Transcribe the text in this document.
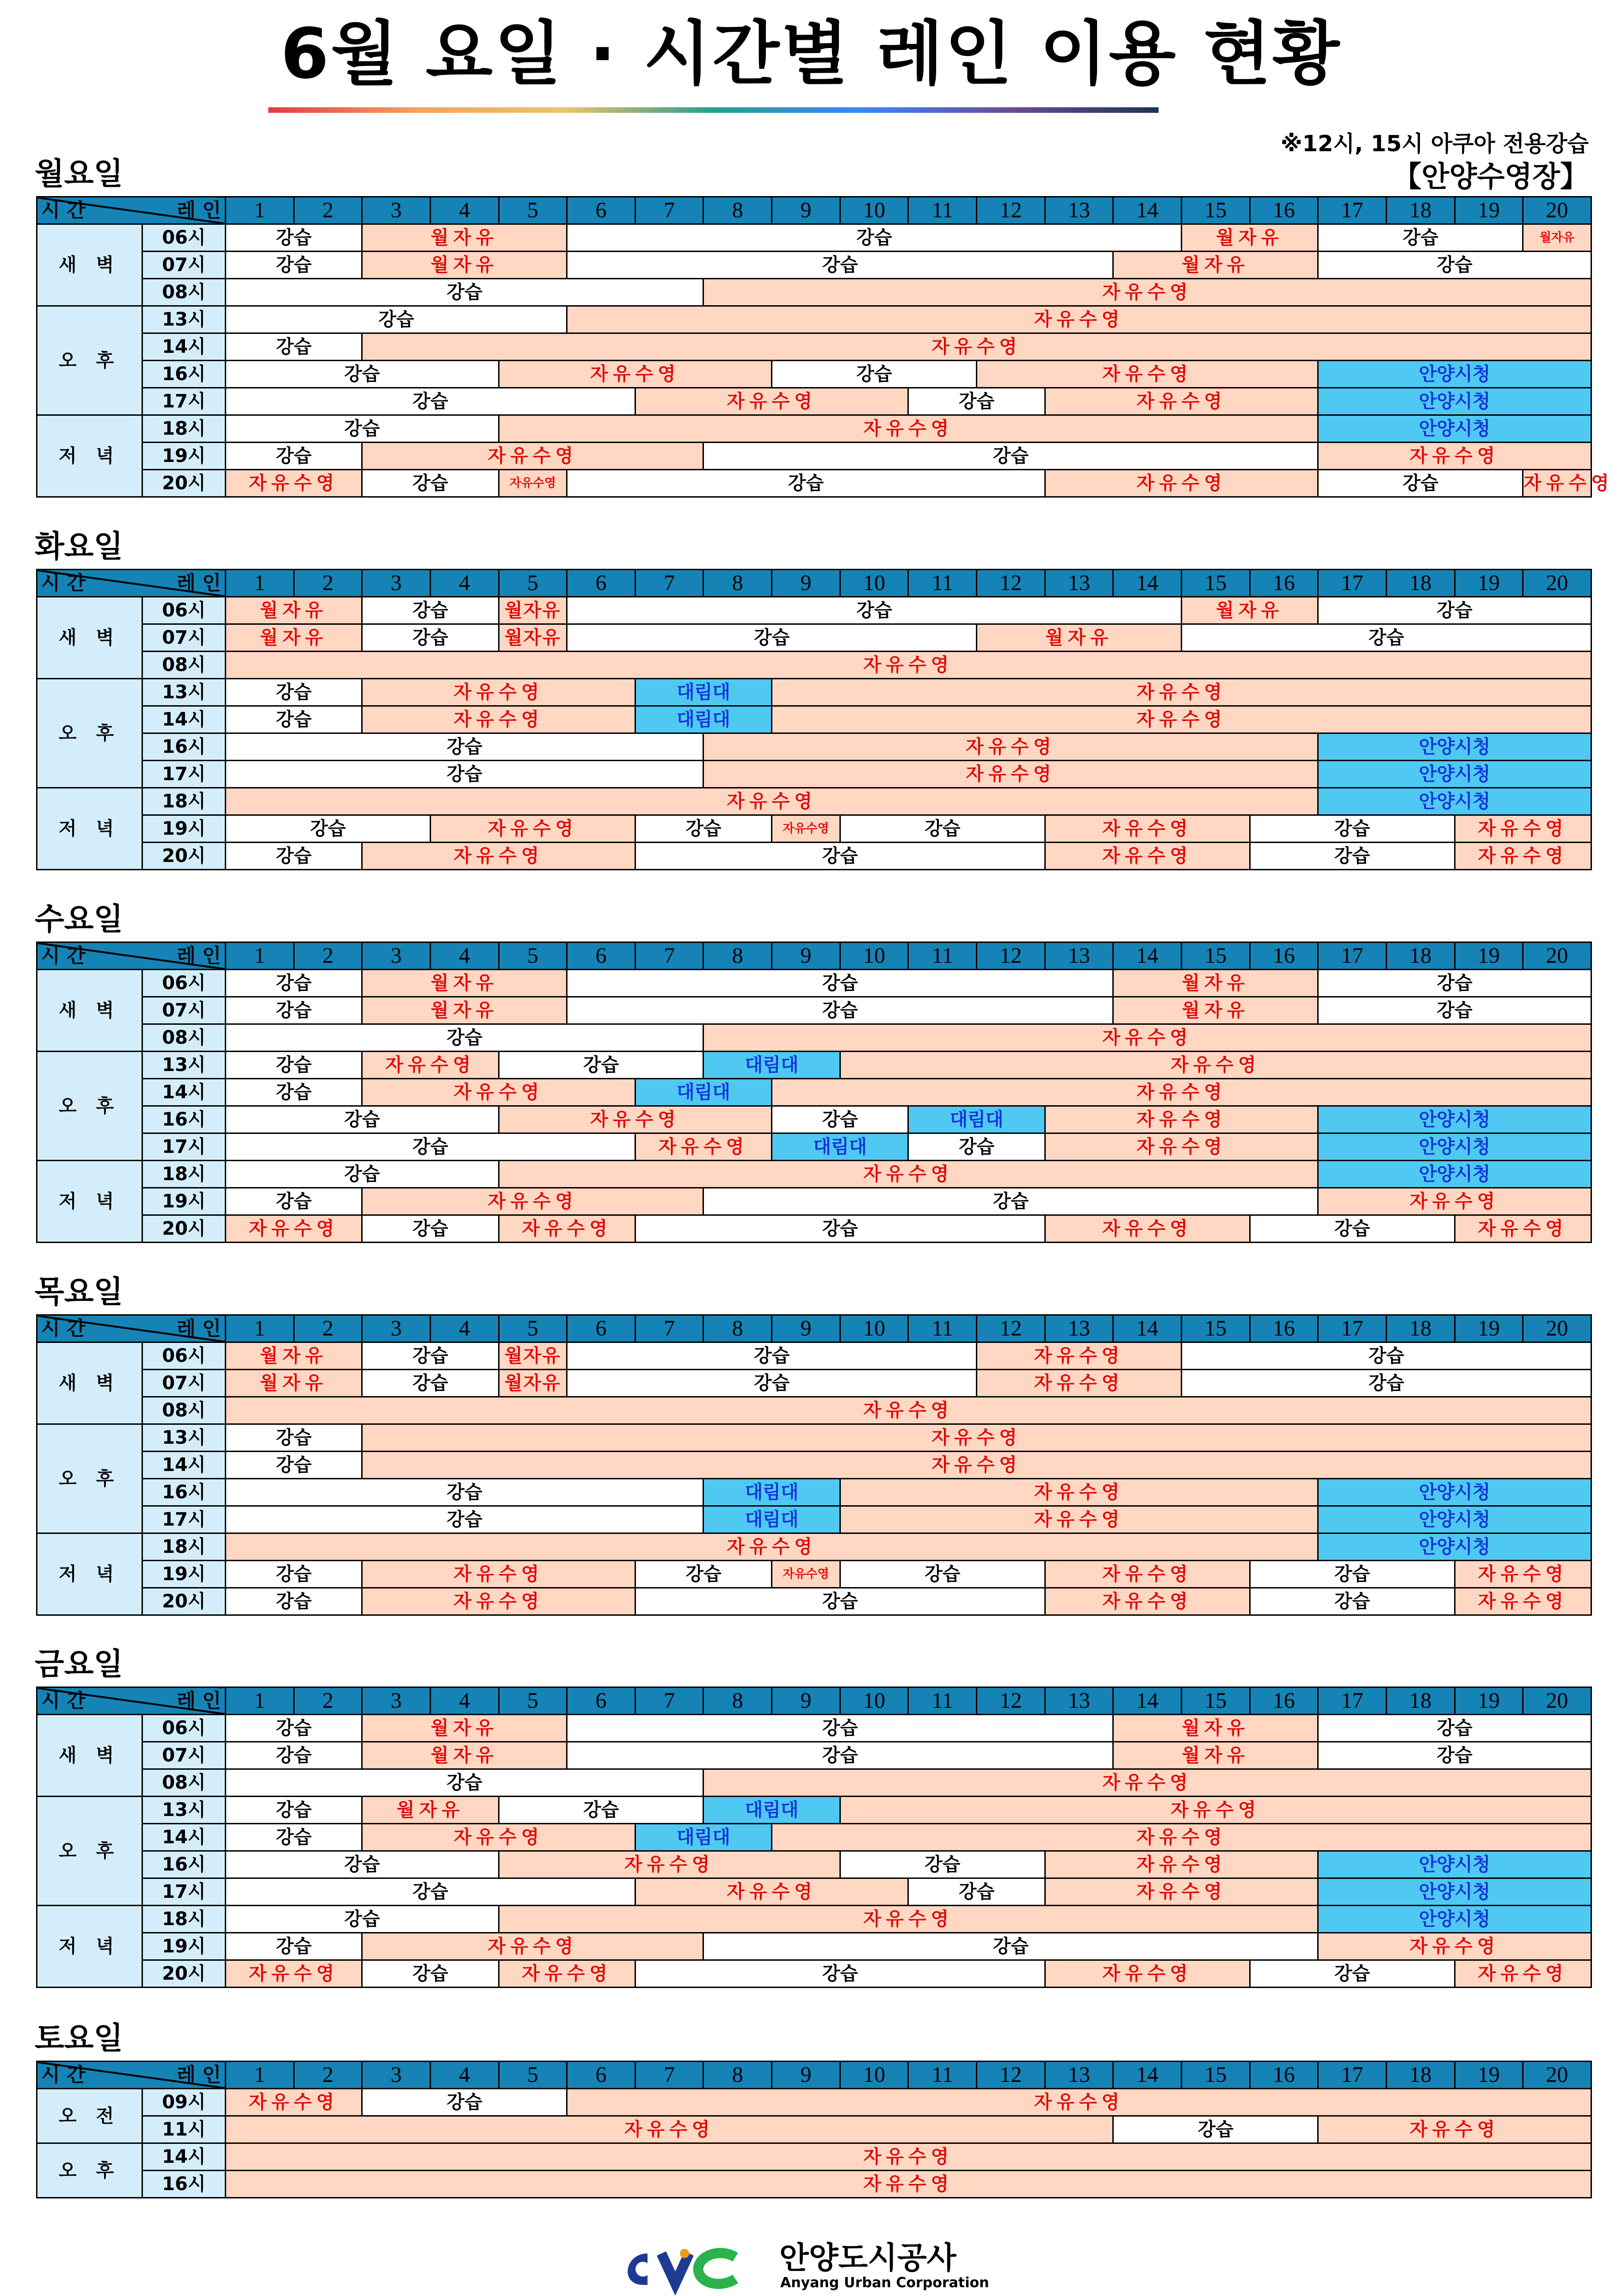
6월 요일 · 시간별 레인 이용 현황
※12시, 15시 아쿠아 전용강습
【안양수영장】
월요일
시 간 레 인		1	2	3	4	5	6	7	8	9	10	11	12	13	14	15	16	17	18	19	20
새 벽	06시	강습		월자유			강습									월자유		강습			월자유
	07시	강습		월자유			강습								월자유			강습			
	08시	강습							자유수영												
오 후	13시	강습					자유수영														
	14시	강습		자유수영																	
	16시	강습				자유수영				강습			자유수영					안양시청			
	17시	강습						자유수영				강습		자유수영				안양시청			
저 녁	18시	강습				자유수영												안양시청			
	19시	강습		자유수영					강습									자유수영			
	20시	자유수영		강습		자유수영	강습							자유수영				강습			자유수영
화요일
시 간 레 인		1	2	3	4	5	6	7	8	9	10	11	12	13	14	15	16	17	18	19	20
새 벽	06시	월자유		강습		월자유	강습									월자유		강습			
	07시	월자유		강습		월자유	강습						월자유			강습					
	08시	자유수영																			
오 후	13시	강습		자유수영				대림대		자유수영											
	14시	강습		자유수영				대림대		자유수영											
	16시	강습							자유수영									안양시청			
	17시	강습							자유수영									안양시청			
저 녁	18시	자유수영																안양시청			
	19시	강습			자유수영			강습		자유수영	강습			자유수영			강습			자유수영	
	20시	강습		자유수영				강습						자유수영			강습			자유수영	
수요일
시 간 레 인		1	2	3	4	5	6	7	8	9	10	11	12	13	14	15	16	17	18	19	20
새 벽	06시	강습		월자유			강습								월자유			강습			
	07시	강습		월자유			강습								월자유			강습			
	08시	강습							자유수영												
오 후	13시	강습		자유수영		강습			대림대		자유수영										
	14시	강습		자유수영				대림대		자유수영											
	16시	강습				자유수영				강습		대림대		자유수영				안양시청			
	17시	강습						자유수영		대림대		강습		자유수영				안양시청			
저 녁	18시	강습				자유수영												안양시청			
	19시	강습		자유수영					강습									자유수영			
	20시	자유수영		강습		자유수영		강습						자유수영			강습			자유수영	
목요일
시 간 레 인		1	2	3	4	5	6	7	8	9	10	11	12	13	14	15	16	17	18	19	20
새 벽	06시	월자유		강습		월자유	강습						자유수영			강습					
	07시	월자유		강습		월자유	강습						자유수영			강습					
	08시	자유수영																			
오 후	13시	강습		자유수영																	
	14시	강습		자유수영																	
	16시	강습							대림대		자유수영							안양시청			
	17시	강습							대림대		자유수영							안양시청			
저 녁	18시	자유수영																안양시청			
	19시	강습		자유수영				강습		자유수영	강습			자유수영			강습			자유수영	
	20시	강습		자유수영				강습						자유수영			강습			자유수영	
금요일
시 간 레 인		1	2	3	4	5	6	7	8	9	10	11	12	13	14	15	16	17	18	19	20
새 벽	06시	강습		월자유			강습								월자유			강습			
	07시	강습		월자유			강습								월자유			강습			
	08시	강습							자유수영												
오 후	13시	강습		월자유		강습			대림대		자유수영										
	14시	강습		자유수영				대림대		자유수영											
	16시	강습				자유수영					강습			자유수영				안양시청			
	17시	강습						자유수영				강습		자유수영				안양시청			
저 녁	18시	강습				자유수영												안양시청			
	19시	강습		자유수영					강습									자유수영			
	20시	자유수영		강습		자유수영		강습						자유수영			강습			자유수영	
토요일
시 간 레 인		1	2	3	4	5	6	7	8	9	10	11	12	13	14	15	16	17	18	19	20
오 전	09시	자유수영		강습			자유수영														
	11시	자유수영													강습			자유수영			
오 후	14시	자유수영																			
	16시	자유수영																			
안양도시공사
Anyang Urban Corporation
